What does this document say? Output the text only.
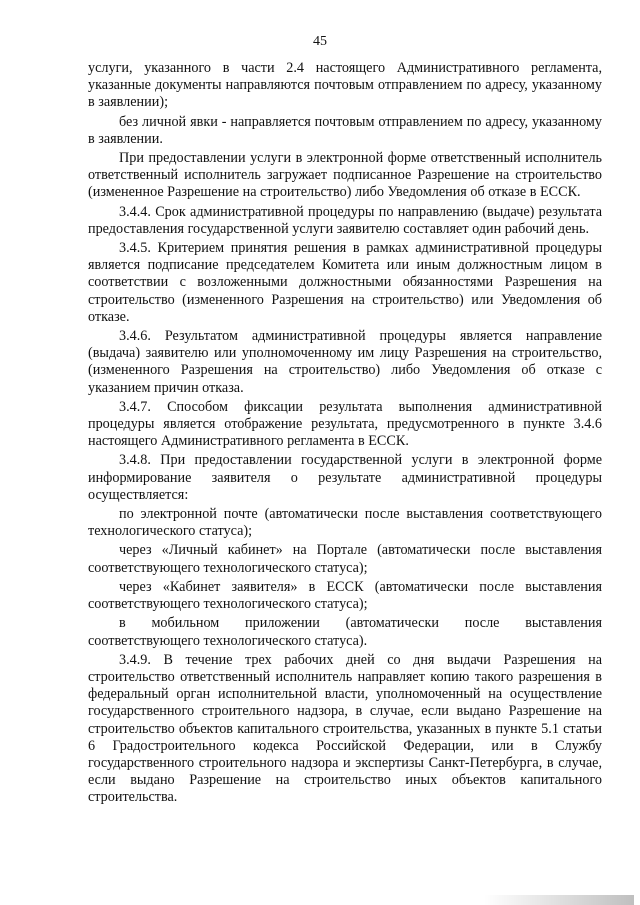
45

услуги, указанного в части 2.4 настоящего Административного регламента, указанные документы направляются почтовым отправлением по адресу, указанному в заявлении);

без личной явки - направляется почтовым отправлением по адресу, указанному в заявлении.

При предоставлении услуги в электронной форме ответственный исполнитель ответственный исполнитель загружает подписанное Разрешение на строительство (измененное Разрешение на строительство) либо Уведомления об отказе в ЕССК.

3.4.4. Срок административной процедуры по направлению (выдаче) результата предоставления государственной услуги заявителю составляет один рабочий день.

3.4.5. Критерием принятия решения в рамках административной процедуры является подписание председателем Комитета или иным должностным лицом в соответствии с возложенными должностными обязанностями Разрешения на строительство (измененного Разрешения на строительство) или Уведомления об отказе.

3.4.6. Результатом административной процедуры является направление (выдача) заявителю или уполномоченному им лицу Разрешения на строительство, (измененного Разрешения на строительство) либо Уведомления об отказе с указанием причин отказа.

3.4.7. Способом фиксации результата выполнения административной процедуры является отображение результата, предусмотренного в пункте 3.4.6 настоящего Административного регламента в ЕССК.

3.4.8. При предоставлении государственной услуги в электронной форме информирование заявителя о результате административной процедуры осуществляется:

по электронной почте (автоматически после выставления соответствующего технологического статуса);

через «Личный кабинет» на Портале (автоматически после выставления соответствующего технологического статуса);

через «Кабинет заявителя» в ЕССК (автоматически после выставления соответствующего технологического статуса);

в мобильном приложении (автоматически после выставления соответствующего технологического статуса).

3.4.9. В течение трех рабочих дней со дня выдачи Разрешения на строительство ответственный исполнитель направляет копию такого разрешения в федеральный орган исполнительной власти, уполномоченный на осуществление государственного строительного надзора, в случае, если выдано Разрешение на строительство объектов капитального строительства, указанных в пункте 5.1 статьи 6 Градостроительного кодекса Российской Федерации, или в Службу государственного строительного надзора и экспертизы Санкт-Петербурга, в случае, если выдано Разрешение на строительство иных объектов капитального строительства.
